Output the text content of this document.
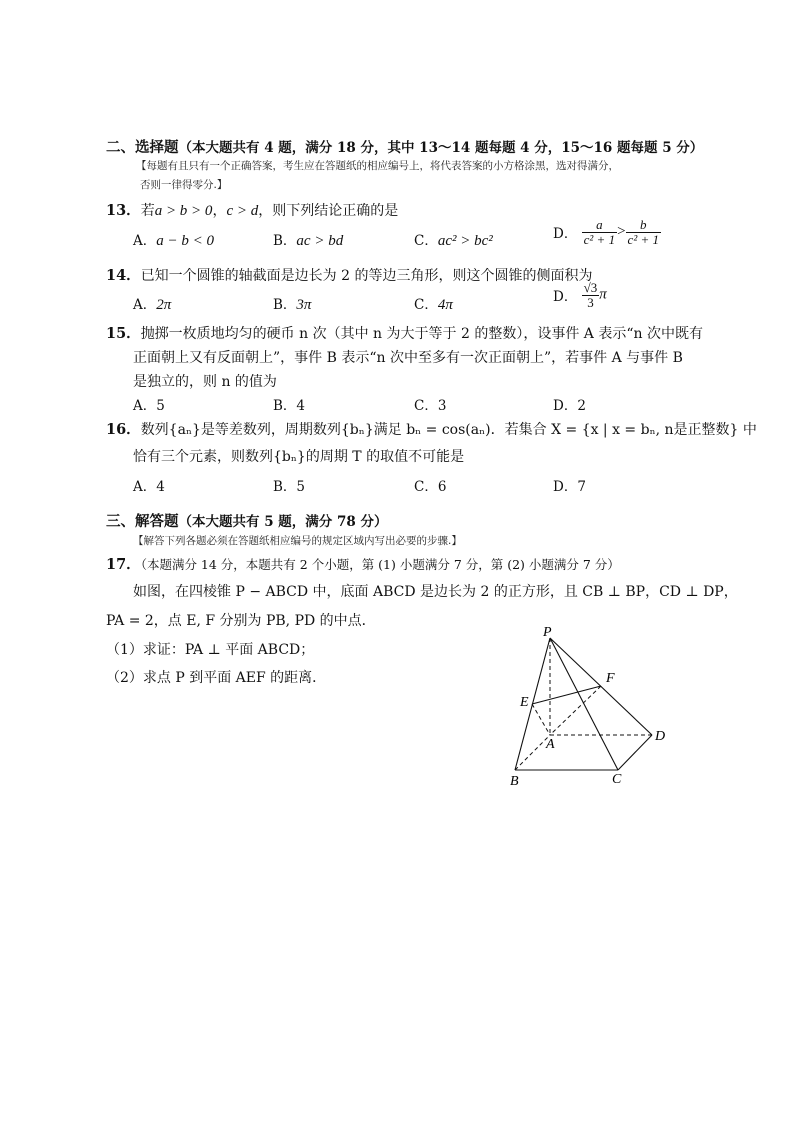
二、选择题（本大题共有 4 题，满分 18 分，其中 13～14 题每题 4 分，15～16 题每题 5 分）
【每题有且只有一个正确答案，考生应在答题纸的相应编号上，将代表答案的小方格涂黑，选对得满分，
否则一律得零分.】
13．若a > b > 0，c > d，则下列结论正确的是
A．a − b < 0	B．ac > bd	C．ac² > bc²	D． $\frac{a}{\text{c² + 1}} > \frac{b}{\text{c² + 1}}$
14．已知一个圆锥的轴截面是边长为 2 的等边三角形，则这个圆锥的侧面积为
A．2π	B．3π	C．4π	D． $\frac{√3}{3}$ π
15．抛掷一枚质地均匀的硬币 n 次（其中 n 为大于等于 2 的整数），设事件 A 表示“n 次中既有
正面朝上又有反面朝上”，事件 B 表示“n 次中至多有一次正面朝上”，若事件 A 与事件 B
是独立的，则 n 的值为
A．5	B．4	C．3	D．2
16．数列{aₙ}是等差数列，周期数列{bₙ}满足 bₙ = cos(aₙ)．若集合 X = {x | x = bₙ, n是正整数} 中
恰有三个元素，则数列{bₙ}的周期 T 的取值不可能是
A．4	B．5	C．6	D．7
三、解答题（本大题共有 5 题，满分 78 分）
【解答下列各题必须在答题纸相应编号的规定区域内写出必要的步骤.】
17．（本题满分 14 分，本题共有 2 个小题，第 (1) 小题满分 7 分，第 (2) 小题满分 7 分）
如图，在四棱锥 P − ABCD 中，底面 ABCD 是边长为 2 的正方形，且 CB ⊥ BP，CD ⊥ DP，
PA = 2，点 E, F 分别为 PB, PD 的中点．
（1）求证：PA ⊥ 平面 ABCD；
（2）求点 P 到平面 AEF 的距离．
P
F
E
A
D
B	C
